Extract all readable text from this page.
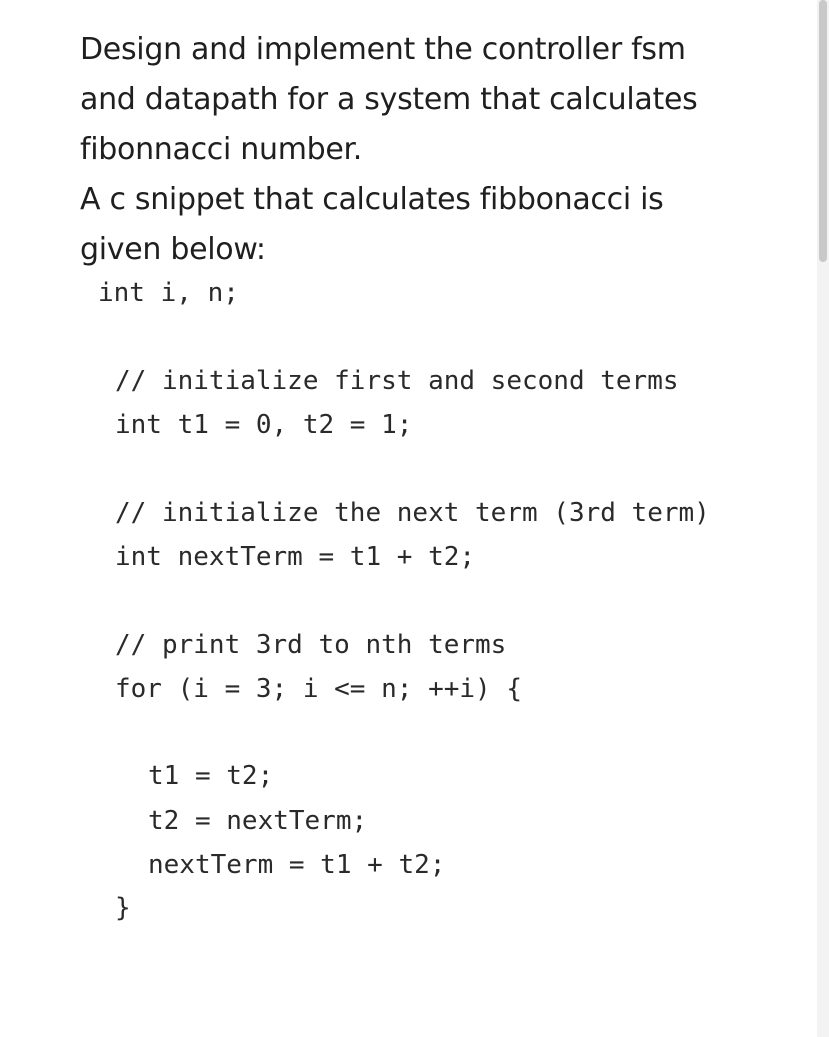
Design and implement the controller fsm

and datapath for a system that calculates

fibonnacci number.

A c snippet that calculates fibbonacci is

given below:

int i, n;
// initialize first and second terms
int t1 = 0, t2 = 1;
// initialize the next term (3rd term)
int nextTerm = t1 + t2;
// print 3rd to nth terms
for (i = 3; i <= n; ++i) {
t1 = t2;
t2 = nextTerm;
nextTerm = t1 + t2;
}
